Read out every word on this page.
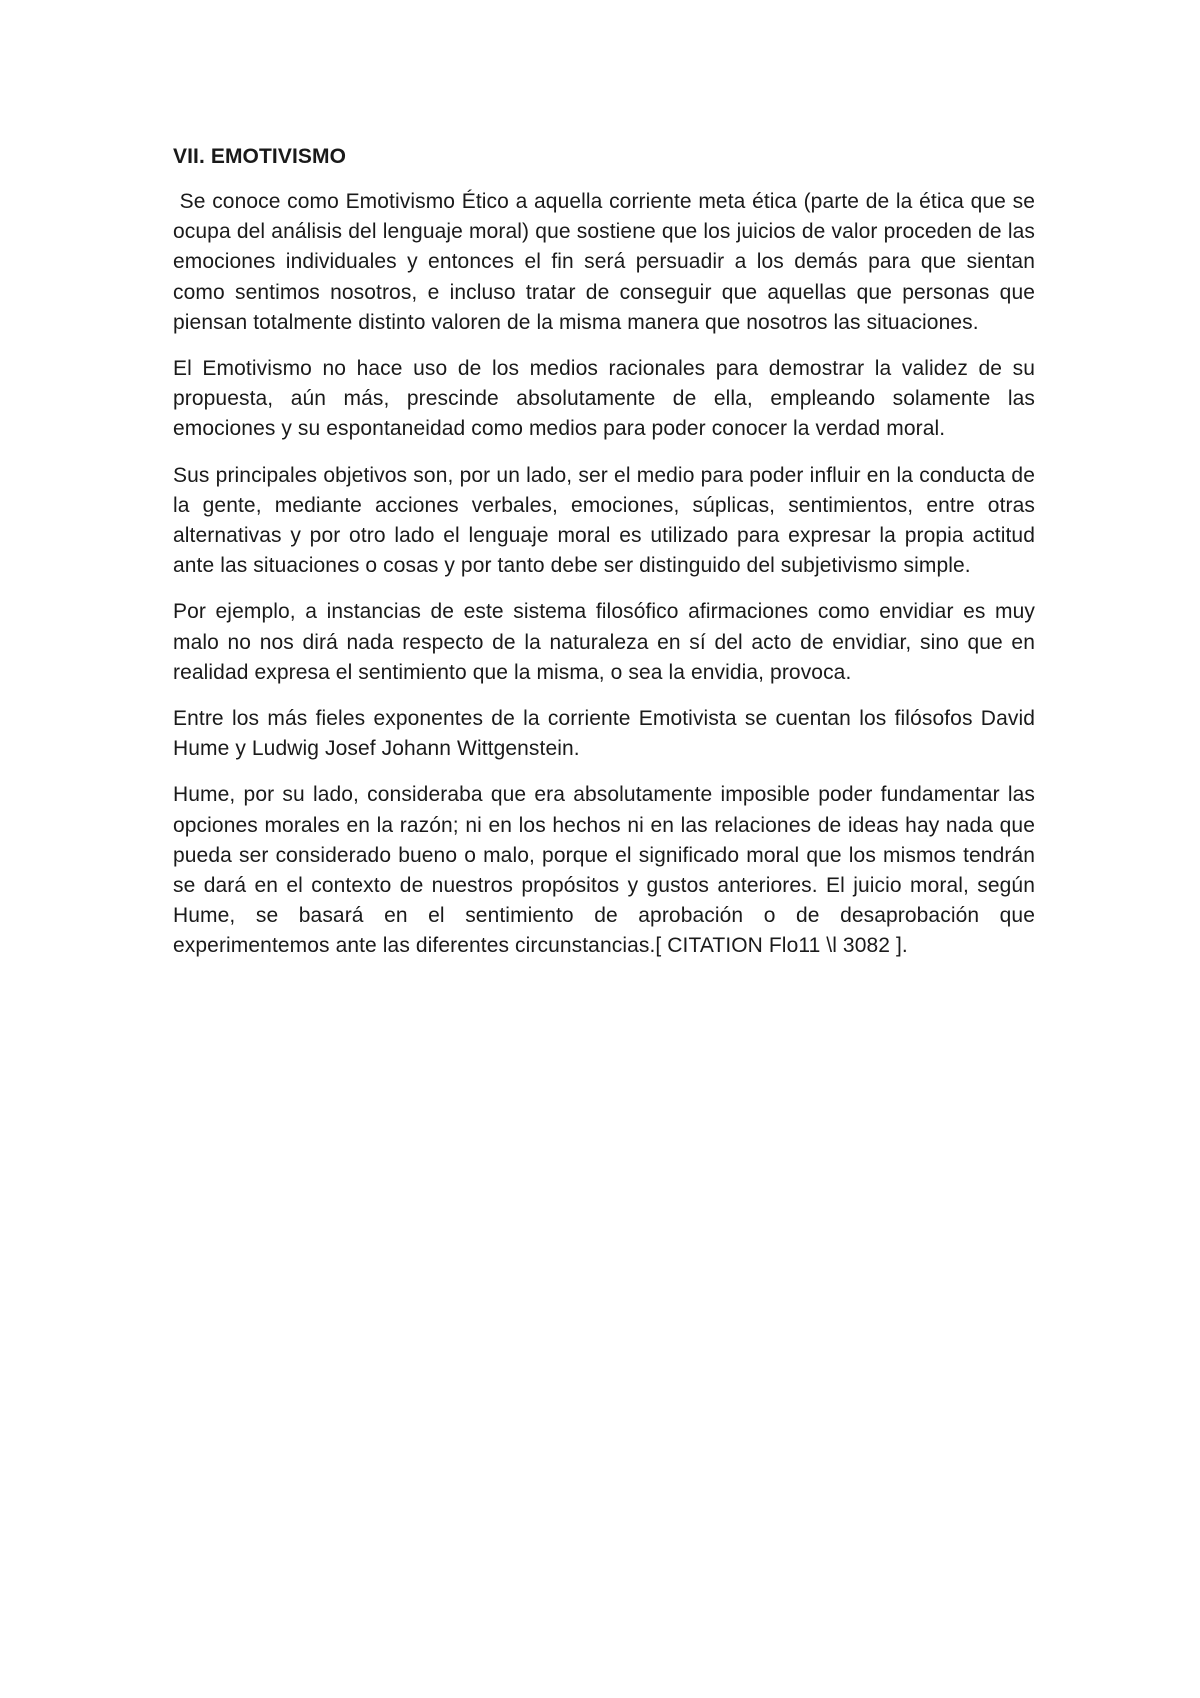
VII. EMOTIVISMO

Se conoce como Emotivismo Ético a aquella corriente meta ética (parte de la ética que se ocupa del análisis del lenguaje moral) que sostiene que los juicios de valor proceden de las emociones individuales y entonces el fin será persuadir a los demás para que sientan como sentimos nosotros, e incluso tratar de conseguir que aquellas que personas que piensan totalmente distinto valoren de la misma manera que nosotros las situaciones.

El Emotivismo no hace uso de los medios racionales para demostrar la validez de su propuesta, aún más, prescinde absolutamente de ella, empleando solamente las emociones y su espontaneidad como medios para poder conocer la verdad moral.

Sus principales objetivos son, por un lado, ser el medio para poder influir en la conducta de la gente, mediante acciones verbales, emociones, súplicas, sentimientos, entre otras alternativas y por otro lado el lenguaje moral es utilizado para expresar la propia actitud ante las situaciones o cosas y por tanto debe ser distinguido del subjetivismo simple.

Por ejemplo, a instancias de este sistema filosófico afirmaciones como envidiar es muy malo no nos dirá nada respecto de la naturaleza en sí del acto de envidiar, sino que en realidad expresa el sentimiento que la misma, o sea la envidia, provoca.

Entre los más fieles exponentes de la corriente Emotivista se cuentan los filósofos David Hume y Ludwig Josef Johann Wittgenstein.

Hume, por su lado, consideraba que era absolutamente imposible poder fundamentar las opciones morales en la razón; ni en los hechos ni en las relaciones de ideas hay nada que pueda ser considerado bueno o malo, porque el significado moral que los mismos tendrán se dará en el contexto de nuestros propósitos y gustos anteriores. El juicio moral, según Hume, se basará en el sentimiento de aprobación o de desaprobación que experimentemos ante las diferentes circunstancias.[ CITATION Flo11 \l 3082 ].
